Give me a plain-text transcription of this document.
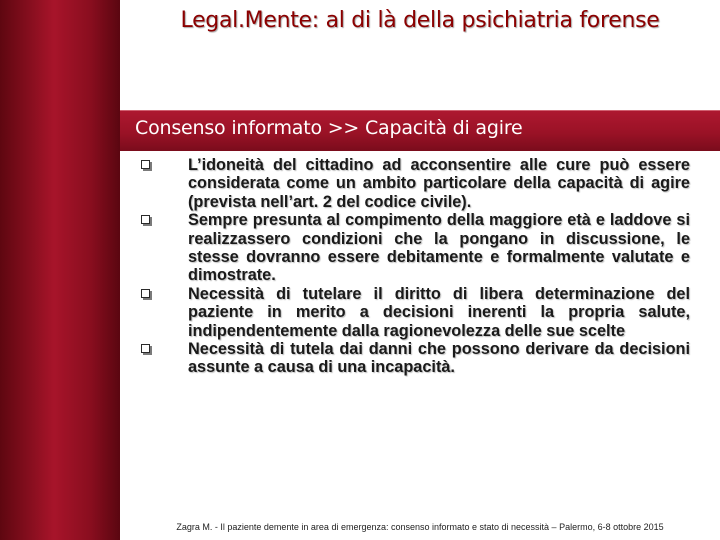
Legal.Mente: al di là della psichiatria forense
Consenso informato >> Capacità di agire
L’idoneità del cittadino ad acconsentire alle cure può essere considerata come un ambito particolare della capacità di agire (prevista nell’art. 2 del codice civile).
Sempre presunta al compimento della maggiore età e laddove si realizzassero condizioni che la pongano in discussione, le stesse dovranno essere debitamente e formalmente valutate e dimostrate.
Necessità di tutelare il diritto di libera determinazione del paziente in merito a decisioni inerenti la propria salute, indipendentemente dalla ragionevolezza delle sue scelte
Necessità di tutela dai danni che possono derivare da decisioni assunte a causa di una incapacità.
Zagra M. - Il paziente demente in area di emergenza: consenso informato e stato di necessità – Palermo, 6-8 ottobre 2015
